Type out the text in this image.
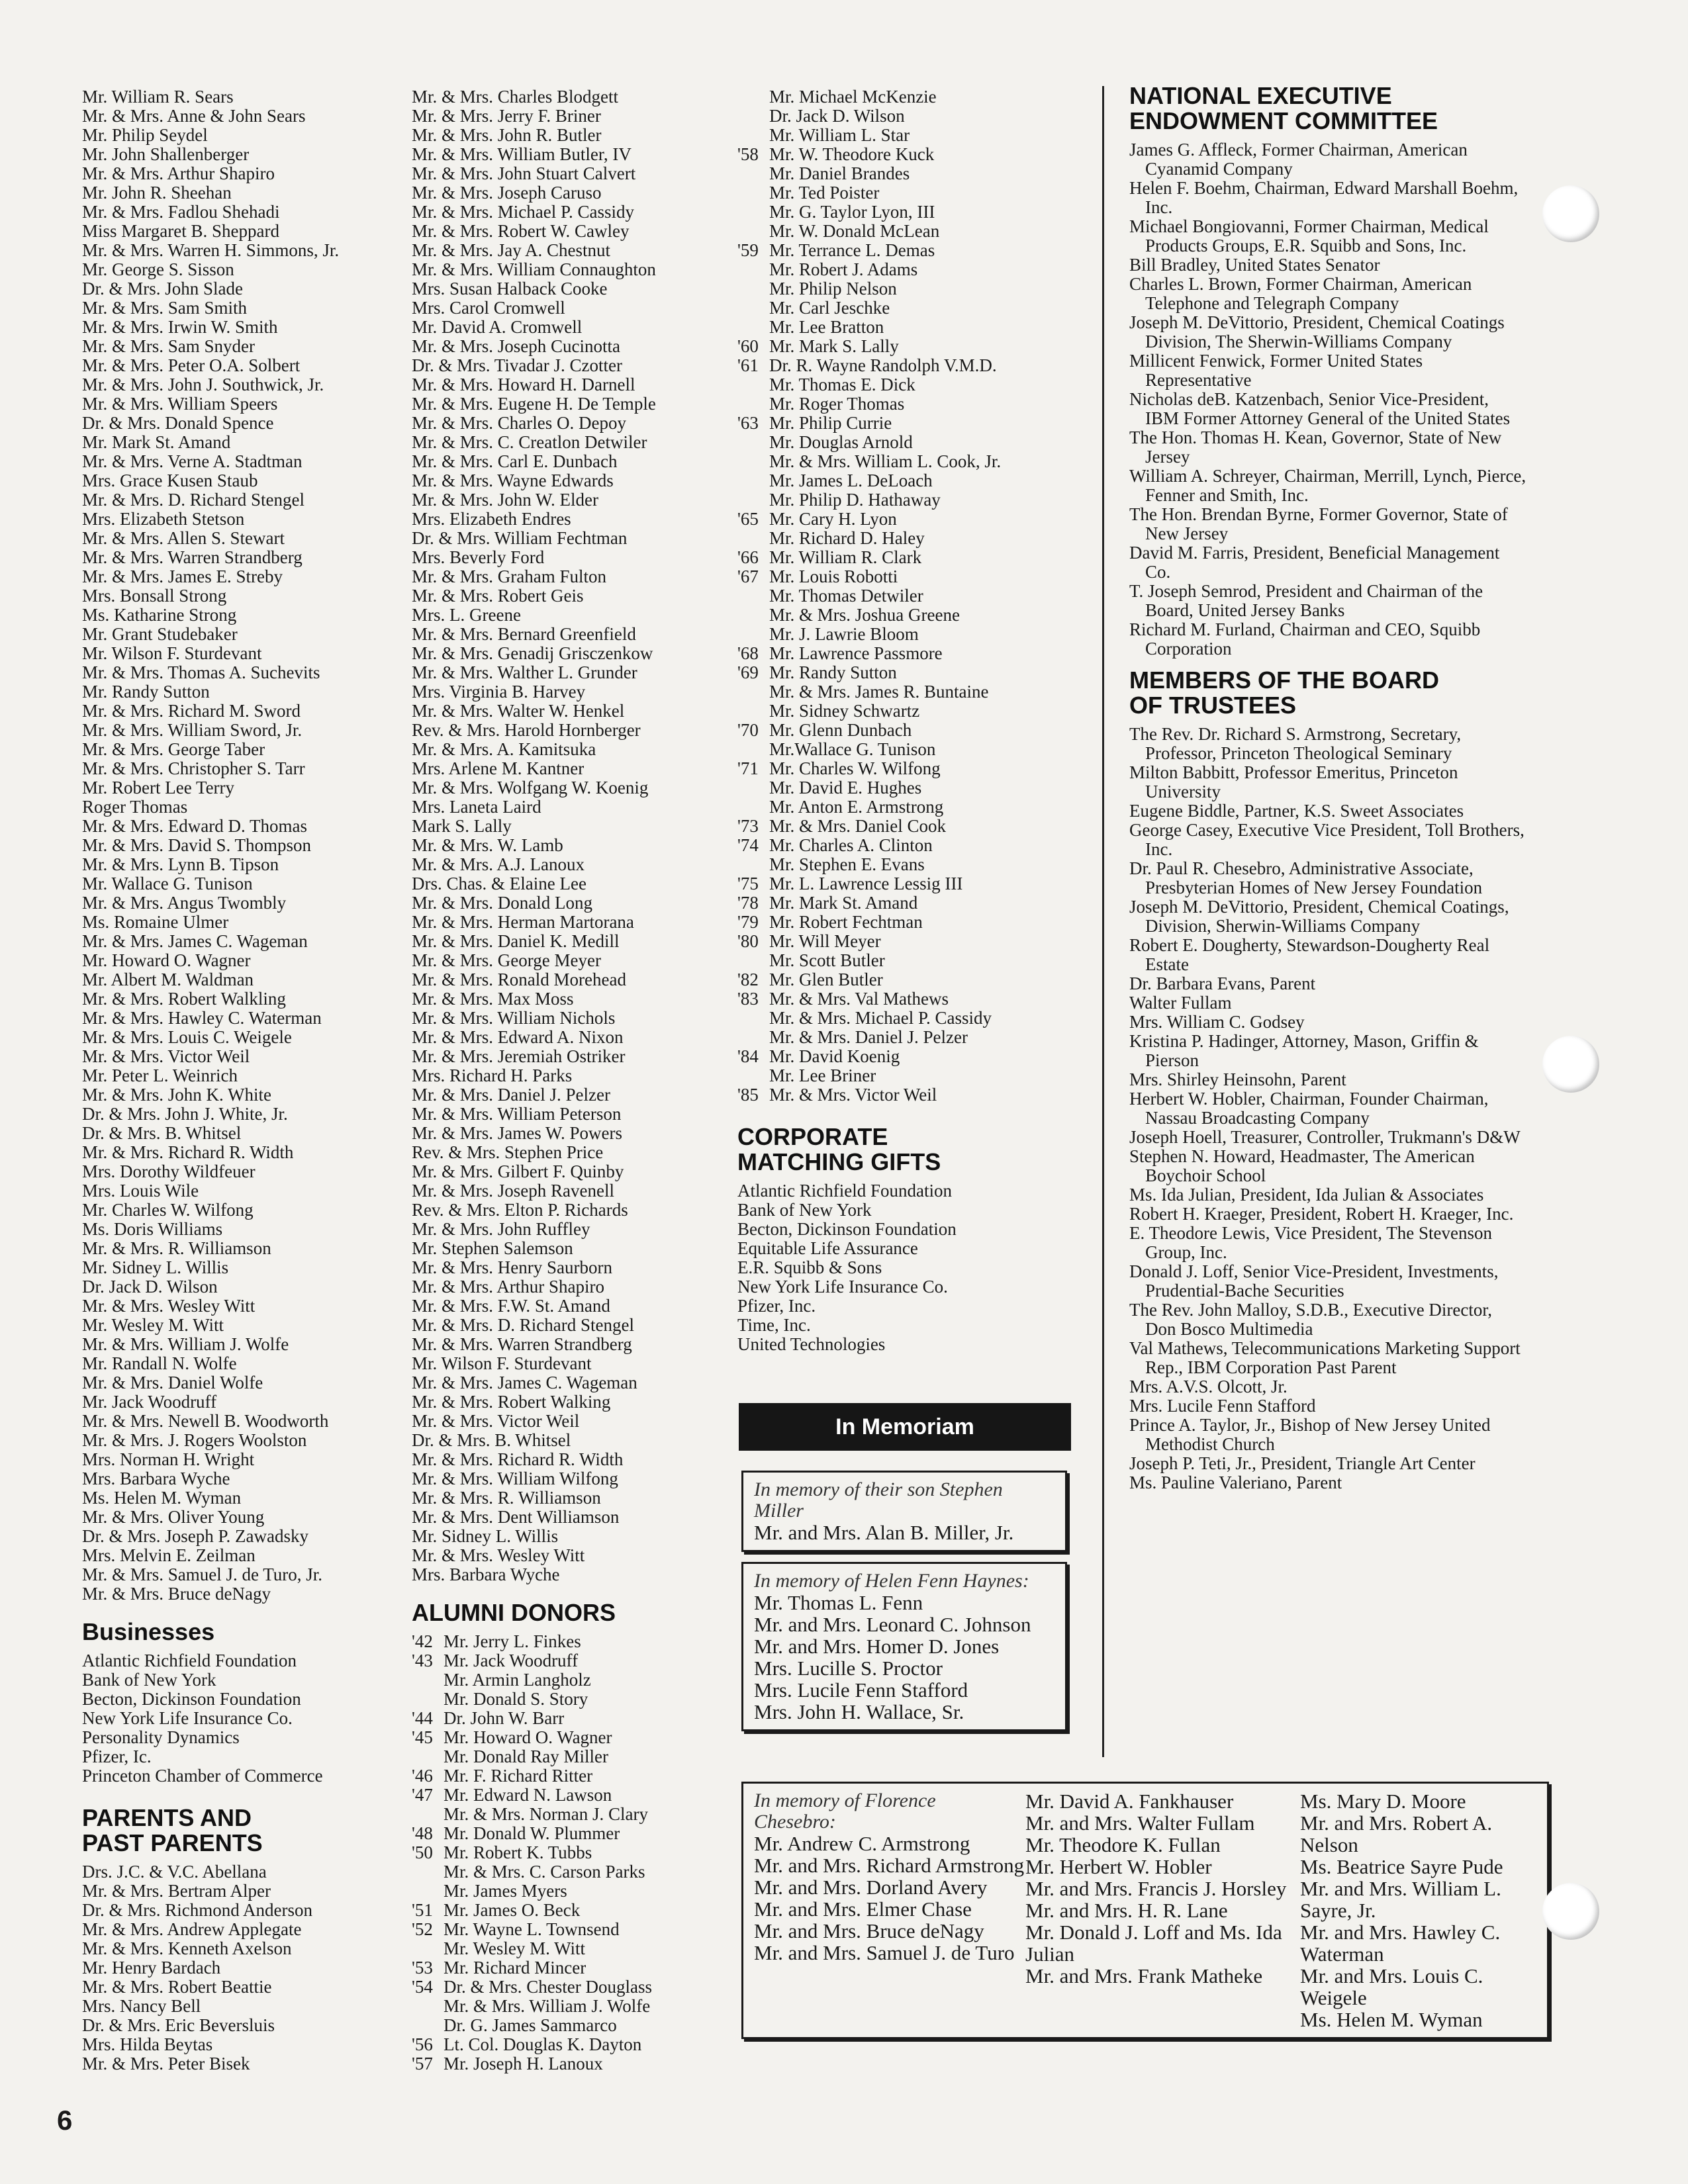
Mr. William R. Sears
Mr. & Mrs. Anne & John Sears
Mr. Philip Seydel
Mr. John Shallenberger
Mr. & Mrs. Arthur Shapiro
Mr. John R. Sheehan
Mr. & Mrs. Fadlou Shehadi
Miss Margaret B. Sheppard
Mr. & Mrs. Warren H. Simmons, Jr.
Mr. George S. Sisson
Dr. & Mrs. John Slade
Mr. & Mrs. Sam Smith
Mr. & Mrs. Irwin W. Smith
Mr. & Mrs. Sam Snyder
Mr. & Mrs. Peter O.A. Solbert
Mr. & Mrs. John J. Southwick, Jr.
Mr. & Mrs. William Speers
Dr. & Mrs. Donald Spence
Mr. Mark St. Amand
Mr. & Mrs. Verne A. Stadtman
Mrs. Grace Kusen Staub
Mr. & Mrs. D. Richard Stengel
Mrs. Elizabeth Stetson
Mr. & Mrs. Allen S. Stewart
Mr. & Mrs. Warren Strandberg
Mr. & Mrs. James E. Streby
Mrs. Bonsall Strong
Ms. Katharine Strong
Mr. Grant Studebaker
Mr. Wilson F. Sturdevant
Mr. & Mrs. Thomas A. Suchevits
Mr. Randy Sutton
Mr. & Mrs. Richard M. Sword
Mr. & Mrs. William Sword, Jr.
Mr. & Mrs. George Taber
Mr. & Mrs. Christopher S. Tarr
Mr. Robert Lee Terry
Roger Thomas
Mr. & Mrs. Edward D. Thomas
Mr. & Mrs. David S. Thompson
Mr. & Mrs. Lynn B. Tipson
Mr. Wallace G. Tunison
Mr. & Mrs. Angus Twombly
Ms. Romaine Ulmer
Mr. & Mrs. James C. Wageman
Mr. Howard O. Wagner
Mr. Albert M. Waldman
Mr. & Mrs. Robert Walkling
Mr. & Mrs. Hawley C. Waterman
Mr. & Mrs. Louis C. Weigele
Mr. & Mrs. Victor Weil
Mr. Peter L. Weinrich
Mr. & Mrs. John K. White
Dr. & Mrs. John J. White, Jr.
Dr. & Mrs. B. Whitsel
Mr. & Mrs. Richard R. Width
Mrs. Dorothy Wildfeuer
Mrs. Louis Wile
Mr. Charles W. Wilfong
Ms. Doris Williams
Mr. & Mrs. R. Williamson
Mr. Sidney L. Willis
Dr. Jack D. Wilson
Mr. & Mrs. Wesley Witt
Mr. Wesley M. Witt
Mr. & Mrs. William J. Wolfe
Mr. Randall N. Wolfe
Mr. & Mrs. Daniel Wolfe
Mr. Jack Woodruff
Mr. & Mrs. Newell B. Woodworth
Mr. & Mrs. J. Rogers Woolston
Mrs. Norman H. Wright
Mrs. Barbara Wyche
Ms. Helen M. Wyman
Mr. & Mrs. Oliver Young
Dr. & Mrs. Joseph P. Zawadsky
Mrs. Melvin E. Zeilman
Mr. & Mrs. Samuel J. de Turo, Jr.
Mr. & Mrs. Bruce deNagy
Businesses
Atlantic Richfield Foundation
Bank of New York
Becton, Dickinson Foundation
New York Life Insurance Co.
Personality Dynamics
Pfizer, Ic.
Princeton Chamber of Commerce
PARENTS AND
PAST PARENTS
Drs. J.C. & V.C. Abellana
Mr. & Mrs. Bertram Alper
Dr. & Mrs. Richmond Anderson
Mr. & Mrs. Andrew Applegate
Mr. & Mrs. Kenneth Axelson
Mr. Henry Bardach
Mr. & Mrs. Robert Beattie
Mrs. Nancy Bell
Dr. & Mrs. Eric Beversluis
Mrs. Hilda Beytas
Mr. & Mrs. Peter Bisek
Mr. & Mrs. Charles Blodgett
Mr. & Mrs. Jerry F. Briner
Mr. & Mrs. John R. Butler
Mr. & Mrs. William Butler, IV
Mr. & Mrs. John Stuart Calvert
Mr. & Mrs. Joseph Caruso
Mr. & Mrs. Michael P. Cassidy
Mr. & Mrs. Robert W. Cawley
Mr. & Mrs. Jay A. Chestnut
Mr. & Mrs. William Connaughton
Mrs. Susan Halback Cooke
Mrs. Carol Cromwell
Mr. David A. Cromwell
Mr. & Mrs. Joseph Cucinotta
Dr. & Mrs. Tivadar J. Czotter
Mr. & Mrs. Howard H. Darnell
Mr. & Mrs. Eugene H. De Temple
Mr. & Mrs. Charles O. Depoy
Mr. & Mrs. C. Creatlon Detwiler
Mr. & Mrs. Carl E. Dunbach
Mr. & Mrs. Wayne Edwards
Mr. & Mrs. John W. Elder
Mrs. Elizabeth Endres
Dr. & Mrs. William Fechtman
Mrs. Beverly Ford
Mr. & Mrs. Graham Fulton
Mr. & Mrs. Robert Geis
Mrs. L. Greene
Mr. & Mrs. Bernard Greenfield
Mr. & Mrs. Genadij Grisczenkow
Mr. & Mrs. Walther L. Grunder
Mrs. Virginia B. Harvey
Mr. & Mrs. Walter W. Henkel
Rev. & Mrs. Harold Hornberger
Mr. & Mrs. A. Kamitsuka
Mrs. Arlene M. Kantner
Mr. & Mrs. Wolfgang W. Koenig
Mrs. Laneta Laird
Mark S. Lally
Mr. & Mrs. W. Lamb
Mr. & Mrs. A.J. Lanoux
Drs. Chas. & Elaine Lee
Mr. & Mrs. Donald Long
Mr. & Mrs. Herman Martorana
Mr. & Mrs. Daniel K. Medill
Mr. & Mrs. George Meyer
Mr. & Mrs. Ronald Morehead
Mr. & Mrs. Max Moss
Mr. & Mrs. William Nichols
Mr. & Mrs. Edward A. Nixon
Mr. & Mrs. Jeremiah Ostriker
Mrs. Richard H. Parks
Mr. & Mrs. Daniel J. Pelzer
Mr. & Mrs. William Peterson
Mr. & Mrs. James W. Powers
Rev. & Mrs. Stephen Price
Mr. & Mrs. Gilbert F. Quinby
Mr. & Mrs. Joseph Ravenell
Rev. & Mrs. Elton P. Richards
Mr. & Mrs. John Ruffley
Mr. Stephen Salemson
Mr. & Mrs. Henry Saurborn
Mr. & Mrs. Arthur Shapiro
Mr. & Mrs. F.W. St. Amand
Mr. & Mrs. D. Richard Stengel
Mr. & Mrs. Warren Strandberg
Mr. Wilson F. Sturdevant
Mr. & Mrs. James C. Wageman
Mr. & Mrs. Robert Walking
Mr. & Mrs. Victor Weil
Dr. & Mrs. B. Whitsel
Mr. & Mrs. Richard R. Width
Mr. & Mrs. William Wilfong
Mr. & Mrs. R. Williamson
Mr. & Mrs. Dent Williamson
Mr. Sidney L. Willis
Mr. & Mrs. Wesley Witt
Mrs. Barbara Wyche
ALUMNI DONORS
'42 Mr. Jerry L. Finkes
'43 Mr. Jack Woodruff
Mr. Armin Langholz
Mr. Donald S. Story
'44 Dr. John W. Barr
'45 Mr. Howard O. Wagner
Mr. Donald Ray Miller
'46 Mr. F. Richard Ritter
'47 Mr. Edward N. Lawson
Mr. & Mrs. Norman J. Clary
'48 Mr. Donald W. Plummer
'50 Mr. Robert K. Tubbs
Mr. & Mrs. C. Carson Parks
Mr. James Myers
'51 Mr. James O. Beck
'52 Mr. Wayne L. Townsend
Mr. Wesley M. Witt
'53 Mr. Richard Mincer
'54 Dr. & Mrs. Chester Douglass
Mr. & Mrs. William J. Wolfe
Dr. G. James Sammarco
'56 Lt. Col. Douglas K. Dayton
'57 Mr. Joseph H. Lanoux
Mr. Michael McKenzie
Dr. Jack D. Wilson
Mr. William L. Star
'58 Mr. W. Theodore Kuck
Mr. Daniel Brandes
Mr. Ted Poister
Mr. G. Taylor Lyon, III
Mr. W. Donald McLean
'59 Mr. Terrance L. Demas
Mr. Robert J. Adams
Mr. Philip Nelson
Mr. Carl Jeschke
Mr. Lee Bratton
'60 Mr. Mark S. Lally
'61 Dr. R. Wayne Randolph V.M.D.
Mr. Thomas E. Dick
Mr. Roger Thomas
'63 Mr. Philip Currie
Mr. Douglas Arnold
Mr. & Mrs. William L. Cook, Jr.
Mr. James L. DeLoach
Mr. Philip D. Hathaway
'65 Mr. Cary H. Lyon
Mr. Richard D. Haley
'66 Mr. William R. Clark
'67 Mr. Louis Robotti
Mr. Thomas Detwiler
Mr. & Mrs. Joshua Greene
Mr. J. Lawrie Bloom
'68 Mr. Lawrence Passmore
'69 Mr. Randy Sutton
Mr. & Mrs. James R. Buntaine
Mr. Sidney Schwartz
'70 Mr. Glenn Dunbach
Mr.Wallace G. Tunison
'71 Mr. Charles W. Wilfong
Mr. David E. Hughes
Mr. Anton E. Armstrong
'73 Mr. & Mrs. Daniel Cook
'74 Mr. Charles A. Clinton
Mr. Stephen E. Evans
'75 Mr. L. Lawrence Lessig III
'78 Mr. Mark St. Amand
'79 Mr. Robert Fechtman
'80 Mr. Will Meyer
Mr. Scott Butler
'82 Mr. Glen Butler
'83 Mr. & Mrs. Val Mathews
Mr. & Mrs. Michael P. Cassidy
Mr. & Mrs. Daniel J. Pelzer
'84 Mr. David Koenig
Mr. Lee Briner
'85 Mr. & Mrs. Victor Weil
CORPORATE
MATCHING GIFTS
Atlantic Richfield Foundation
Bank of New York
Becton, Dickinson Foundation
Equitable Life Assurance
E.R. Squibb & Sons
New York Life Insurance Co.
Pfizer, Inc.
Time, Inc.
United Technologies
NATIONAL EXECUTIVE
ENDOWMENT COMMITTEE
James G. Affleck, Former Chairman, American Cyanamid Company
Helen F. Boehm, Chairman, Edward Marshall Boehm, Inc.
Michael Bongiovanni, Former Chairman, Medical Products Groups, E.R. Squibb and Sons, Inc.
Bill Bradley, United States Senator
Charles L. Brown, Former Chairman, American Telephone and Telegraph Company
Joseph M. DeVittorio, President, Chemical Coatings Division, The Sherwin-Williams Company
Millicent Fenwick, Former United States Representative
Nicholas deB. Katzenbach, Senior Vice-President, IBM Former Attorney General of the United States
The Hon. Thomas H. Kean, Governor, State of New Jersey
William A. Schreyer, Chairman, Merrill, Lynch, Pierce, Fenner and Smith, Inc.
The Hon. Brendan Byrne, Former Governor, State of New Jersey
David M. Farris, President, Beneficial Management Co.
T. Joseph Semrod, President and Chairman of the Board, United Jersey Banks
Richard M. Furland, Chairman and CEO, Squibb Corporation
MEMBERS OF THE BOARD
OF TRUSTEES
The Rev. Dr. Richard S. Armstrong, Secretary, Professor, Princeton Theological Seminary
Milton Babbitt, Professor Emeritus, Princeton University
Eugene Biddle, Partner, K.S. Sweet Associates
George Casey, Executive Vice President, Toll Brothers, Inc.
Dr. Paul R. Chesebro, Administrative Associate, Presbyterian Homes of New Jersey Foundation
Joseph M. DeVittorio, President, Chemical Coatings, Division, Sherwin-Williams Company
Robert E. Dougherty, Stewardson-Dougherty Real Estate
Dr. Barbara Evans, Parent
Walter Fullam
Mrs. William C. Godsey
Kristina P. Hadinger, Attorney, Mason, Griffin & Pierson
Mrs. Shirley Heinsohn, Parent
Herbert W. Hobler, Chairman, Founder Chairman, Nassau Broadcasting Company
Joseph Hoell, Treasurer, Controller, Trukmann's D&W
Stephen N. Howard, Headmaster, The American Boychoir School
Ms. Ida Julian, President, Ida Julian & Associates
Robert H. Kraeger, President, Robert H. Kraeger, Inc.
E. Theodore Lewis, Vice President, The Stevenson Group, Inc.
Donald J. Loff, Senior Vice-President, Investments, Prudential-Bache Securities
The Rev. John Malloy, S.D.B., Executive Director, Don Bosco Multimedia
Val Mathews, Telecommunications Marketing Support Rep., IBM Corporation Past Parent
Mrs. A.V.S. Olcott, Jr.
Mrs. Lucile Fenn Stafford
Prince A. Taylor, Jr., Bishop of New Jersey United Methodist Church
Joseph P. Teti, Jr., President, Triangle Art Center
Ms. Pauline Valeriano, Parent
In Memoriam
In memory of their son Stephen Miller
Mr. and Mrs. Alan B. Miller, Jr.
In memory of Helen Fenn Haynes:
Mr. Thomas L. Fenn
Mr. and Mrs. Leonard C. Johnson
Mr. and Mrs. Homer D. Jones
Mrs. Lucille S. Proctor
Mrs. Lucile Fenn Stafford
Mrs. John H. Wallace, Sr.
In memory of Florence Chesebro:
Mr. Andrew C. Armstrong
Mr. and Mrs. Richard Armstrong
Mr. and Mrs. Dorland Avery
Mr. and Mrs. Elmer Chase
Mr. and Mrs. Bruce deNagy
Mr. and Mrs. Samuel J. de Turo
Mr. David A. Fankhauser
Mr. and Mrs. Walter Fullam
Mr. Theodore K. Fullan
Mr. Herbert W. Hobler
Mr. and Mrs. Francis J. Horsley
Mr. and Mrs. H. R. Lane
Mr. Donald J. Loff and Ms. Ida Julian
Mr. and Mrs. Frank Matheke
Ms. Mary D. Moore
Mr. and Mrs. Robert A. Nelson
Ms. Beatrice Sayre Pude
Mr. and Mrs. William L. Sayre, Jr.
Mr. and Mrs. Hawley C. Waterman
Mr. and Mrs. Louis C. Weigele
Ms. Helen M. Wyman
6
